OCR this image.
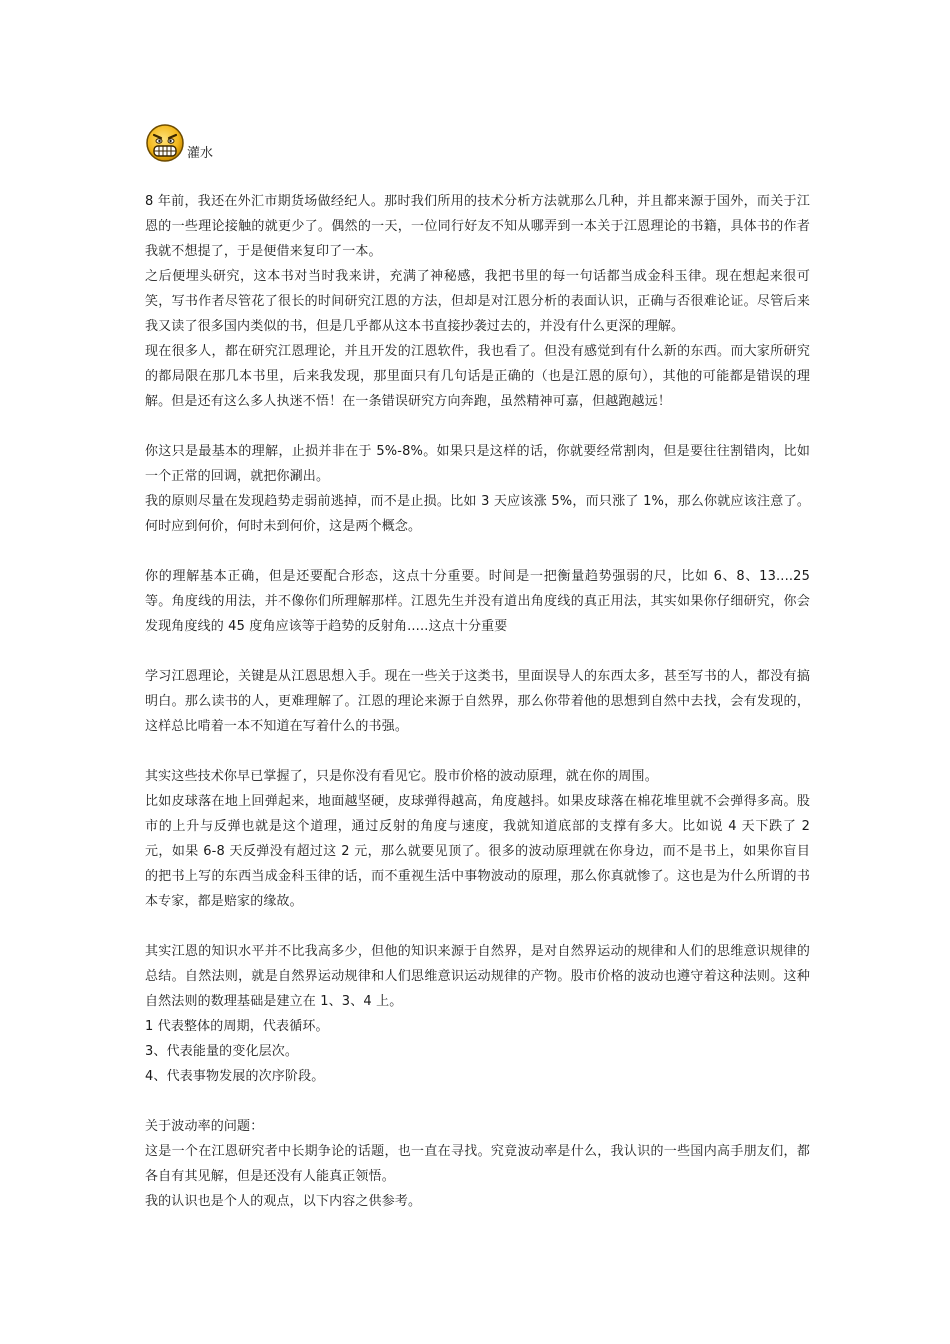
灌水

8 年前，我还在外汇市期货场做经纪人。那时我们所用的技术分析方法就那么几种，并且都来源于国外，而关于江恩的一些理论接触的就更少了。偶然的一天，一位同行好友不知从哪弄到一本关于江恩理论的书籍，具体书的作者我就不想提了，于是便借来复印了一本。

之后便埋头研究，这本书对当时我来讲，充满了神秘感，我把书里的每一句话都当成金科玉律。现在想起来很可笑，写书作者尽管花了很长的时间研究江恩的方法，但却是对江恩分析的表面认识，正确与否很难论证。尽管后来我又读了很多国内类似的书，但是几乎都从这本书直接抄袭过去的，并没有什么更深的理解。

现在很多人，都在研究江恩理论，并且开发的江恩软件，我也看了。但没有感觉到有什么新的东西。而大家所研究的都局限在那几本书里，后来我发现，那里面只有几句话是正确的（也是江恩的原句），其他的可能都是错误的理解。但是还有这么多人执迷不悟！在一条错误研究方向奔跑，虽然精神可嘉，但越跑越远！

你这只是最基本的理解，止损并非在于 5%-8%。如果只是这样的话，你就要经常割肉，但是要往往割错肉，比如一个正常的回调，就把你涮出。

我的原则尽量在发现趋势走弱前逃掉，而不是止损。比如 3 天应该涨 5%，而只涨了 1%，那么你就应该注意了。何时应到何价，何时未到何价，这是两个概念。

你的理解基本正确，但是还要配合形态，这点十分重要。时间是一把衡量趋势强弱的尺，比如 6、8、13....25 等。角度线的用法，并不像你们所理解那样。江恩先生并没有道出角度线的真正用法，其实如果你仔细研究，你会发现角度线的 45 度角应该等于趋势的反射角.....这点十分重要

学习江恩理论，关键是从江恩思想入手。现在一些关于这类书，里面误导人的东西太多，甚至写书的人，都没有搞明白。那么读书的人，更难理解了。江恩的理论来源于自然界，那么你带着他的思想到自然中去找，会有发现的，这样总比啃着一本不知道在写着什么的书强。

其实这些技术你早已掌握了，只是你没有看见它。股市价格的波动原理，就在你的周围。

比如皮球落在地上回弹起来，地面越坚硬，皮球弹得越高，角度越抖。如果皮球落在棉花堆里就不会弹得多高。股市的上升与反弹也就是这个道理，通过反射的角度与速度，我就知道底部的支撑有多大。比如说 4 天下跌了 2 元，如果 6-8 天反弹没有超过这 2 元，那么就要见顶了。很多的波动原理就在你身边，而不是书上，如果你盲目的把书上写的东西当成金科玉律的话，而不重视生活中事物波动的原理，那么你真就惨了。这也是为什么所谓的书本专家，都是赔家的缘故。

其实江恩的知识水平并不比我高多少，但他的知识来源于自然界，是对自然界运动的规律和人们的思维意识规律的总结。自然法则，就是自然界运动规律和人们思维意识运动规律的产物。股市价格的波动也遵守着这种法则。这种自然法则的数理基础是建立在 1、3、4 上。

1 代表整体的周期，代表循环。

3、代表能量的变化层次。

4、代表事物发展的次序阶段。

关于波动率的问题：

这是一个在江恩研究者中长期争论的话题，也一直在寻找。究竟波动率是什么，我认识的一些国内高手朋友们，都各自有其见解，但是还没有人能真正领悟。

我的认识也是个人的观点，以下内容之供参考。
